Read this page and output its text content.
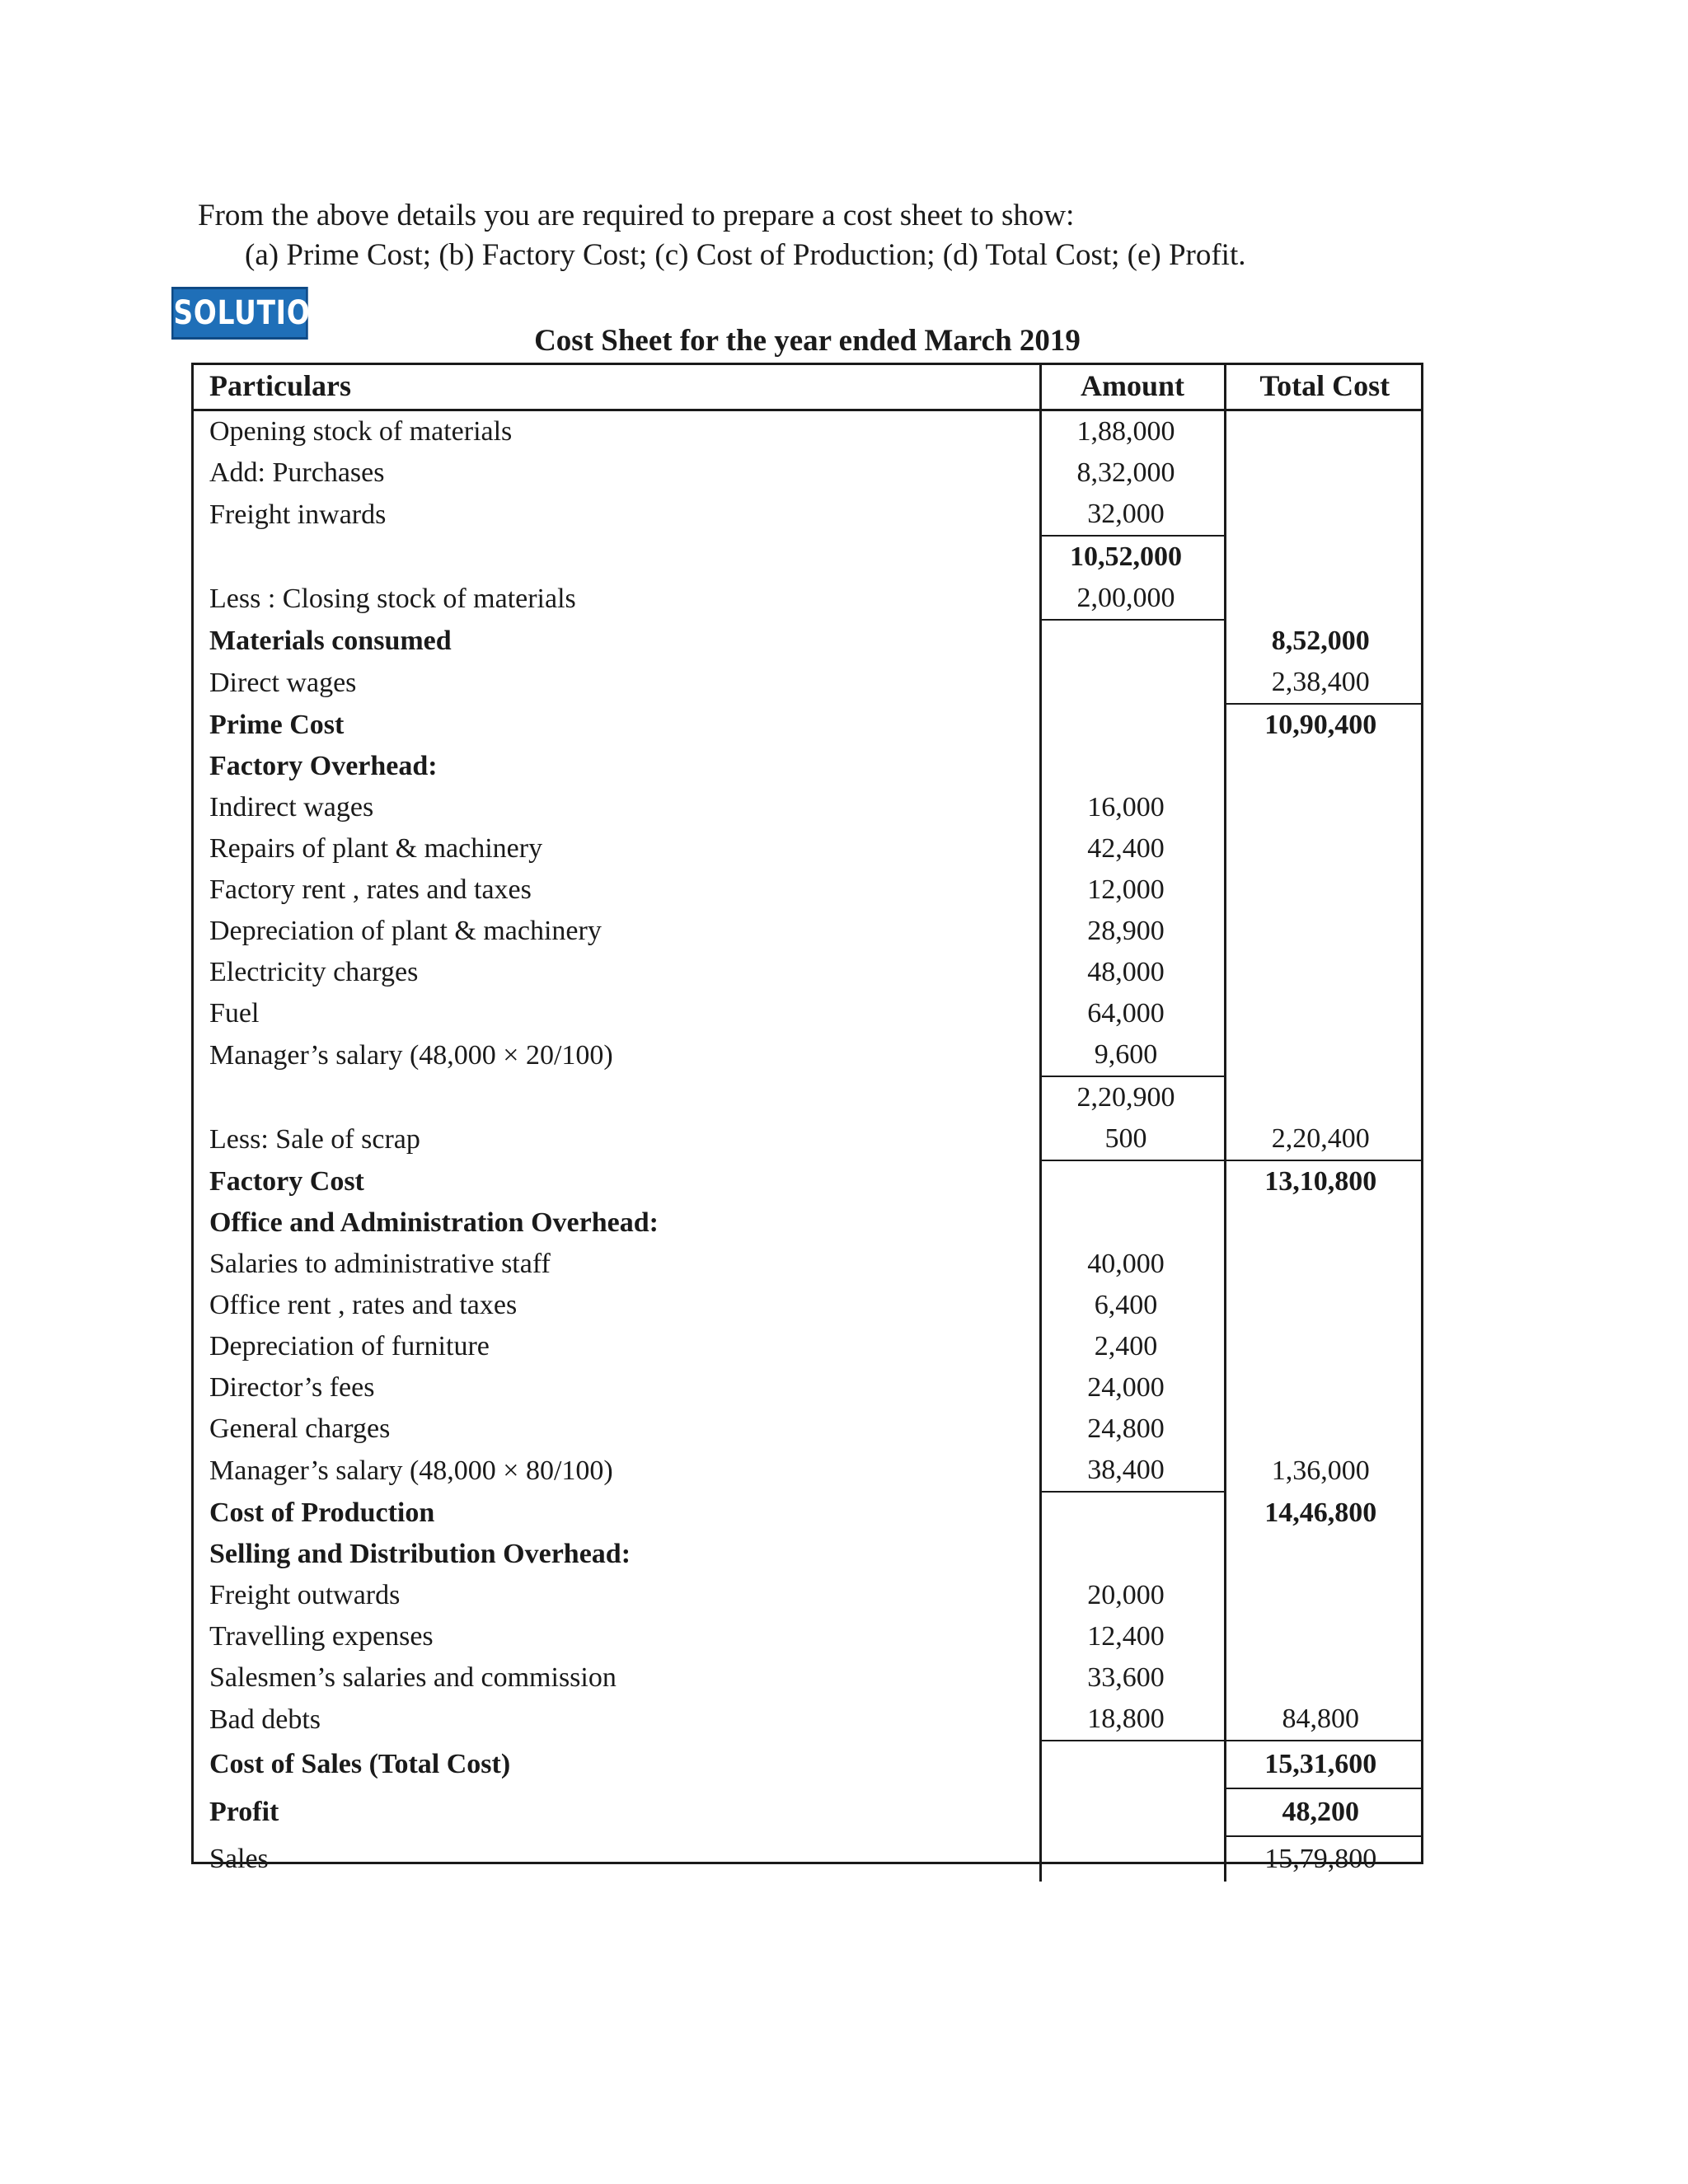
From the above details you are required to prepare a cost sheet to show:
(a) Prime Cost; (b) Factory Cost; (c) Cost of Production; (d) Total Cost; (e) Profit.
SOLUTION
Cost Sheet for the year ended March 2019
Particulars	Amount	Total Cost
Opening stock of materials	1,88,000	
Add: Purchases	8,32,000	
Freight inwards	32,000	
	10,52,000	
Less : Closing stock of materials	2,00,000	
Materials consumed		8,52,000
Direct wages		2,38,400
Prime Cost		10,90,400
Factory Overhead:		
Indirect wages	16,000	
Repairs of plant & machinery	42,400	
Factory rent , rates and taxes	12,000	
Depreciation of plant & machinery	28,900	
Electricity charges	48,000	
Fuel	64,000	
Manager’s salary (48,000 × 20/100)	9,600	
	2,20,900	
Less: Sale of scrap	500	2,20,400
Factory Cost		13,10,800
Office and Administration Overhead:		
Salaries to administrative staff	40,000	
Office rent , rates and taxes	6,400	
Depreciation of furniture	2,400	
Director’s fees	24,000	
General charges	24,800	
Manager’s salary (48,000 × 80/100)	38,400	1,36,000
Cost of Production		14,46,800
Selling and Distribution Overhead:		
Freight outwards	20,000	
Travelling expenses	12,400	
Salesmen’s salaries and commission	33,600	
Bad debts	18,800	84,800
Cost of Sales (Total Cost)		15,31,600
Profit		48,200
Sales		15,79,800
